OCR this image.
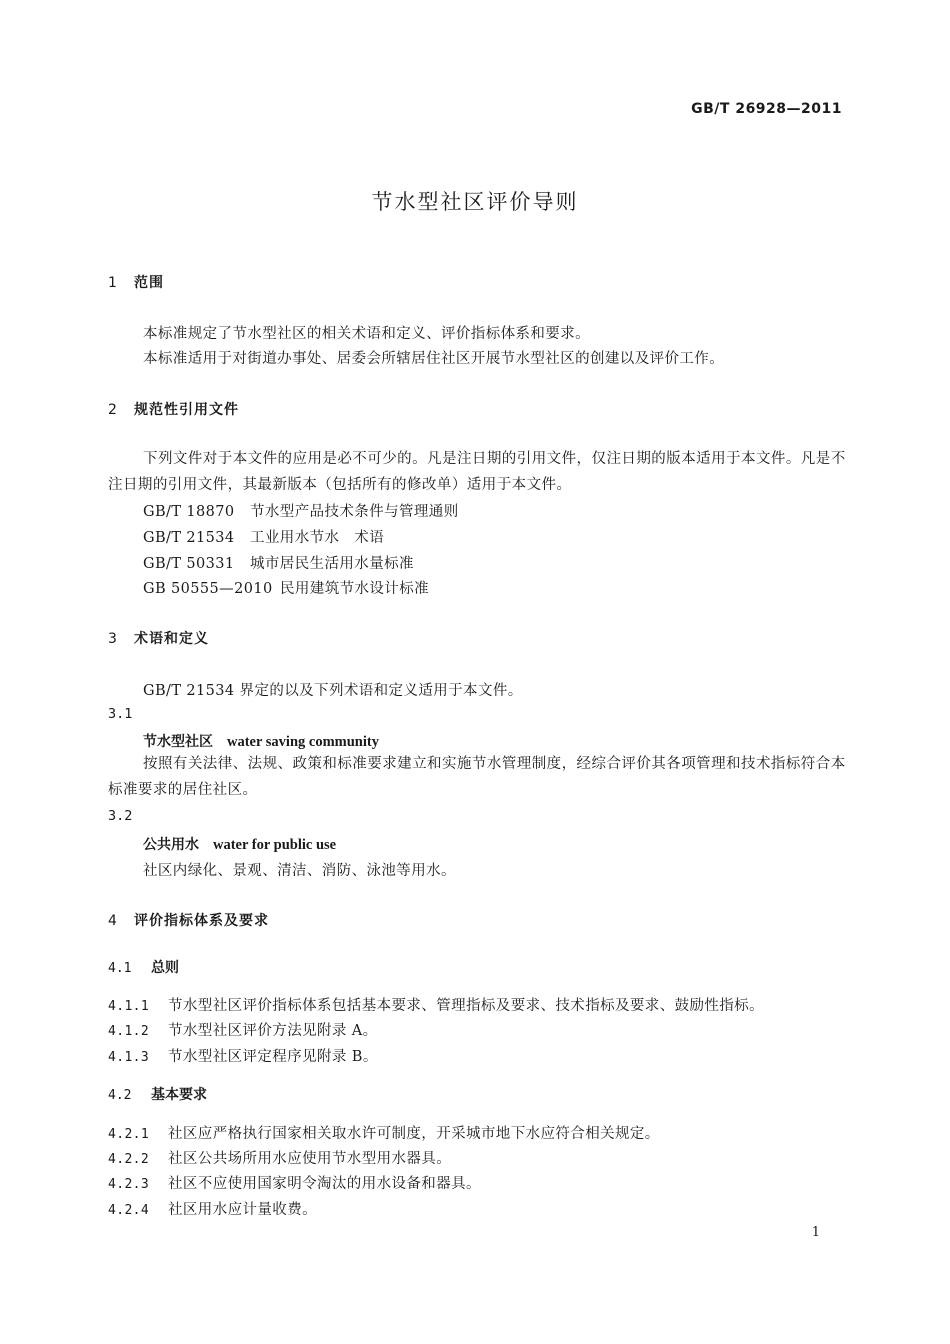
GB/T 26928—2011
节水型社区评价导则
1 范围
本标准规定了节水型社区的相关术语和定义、评价指标体系和要求。
本标准适用于对街道办事处、居委会所辖居住社区开展节水型社区的创建以及评价工作。
2 规范性引用文件
下列文件对于本文件的应用是必不可少的。凡是注日期的引用文件，仅注日期的版本适用于本文件。凡是不注日期的引用文件，其最新版本（包括所有的修改单）适用于本文件。
GB/T 18870 节水型产品技术条件与管理通则
GB/T 21534 工业用水节水　术语
GB/T 50331 城市居民生活用水量标准
GB 50555—2010 民用建筑节水设计标准
3 术语和定义
GB/T 21534 界定的以及下列术语和定义适用于本文件。
3.1
节水型社区 water saving community
按照有关法律、法规、政策和标准要求建立和实施节水管理制度，经综合评价其各项管理和技术指标符合本标准要求的居住社区。
3.2
公共用水 water for public use
社区内绿化、景观、清洁、消防、泳池等用水。
4 评价指标体系及要求
4.1 总则
4.1.1 节水型社区评价指标体系包括基本要求、管理指标及要求、技术指标及要求、鼓励性指标。
4.1.2 节水型社区评价方法见附录 A。
4.1.3 节水型社区评定程序见附录 B。
4.2 基本要求
4.2.1 社区应严格执行国家相关取水许可制度，开采城市地下水应符合相关规定。
4.2.2 社区公共场所用水应使用节水型用水器具。
4.2.3 社区不应使用国家明令淘汰的用水设备和器具。
4.2.4 社区用水应计量收费。
1
